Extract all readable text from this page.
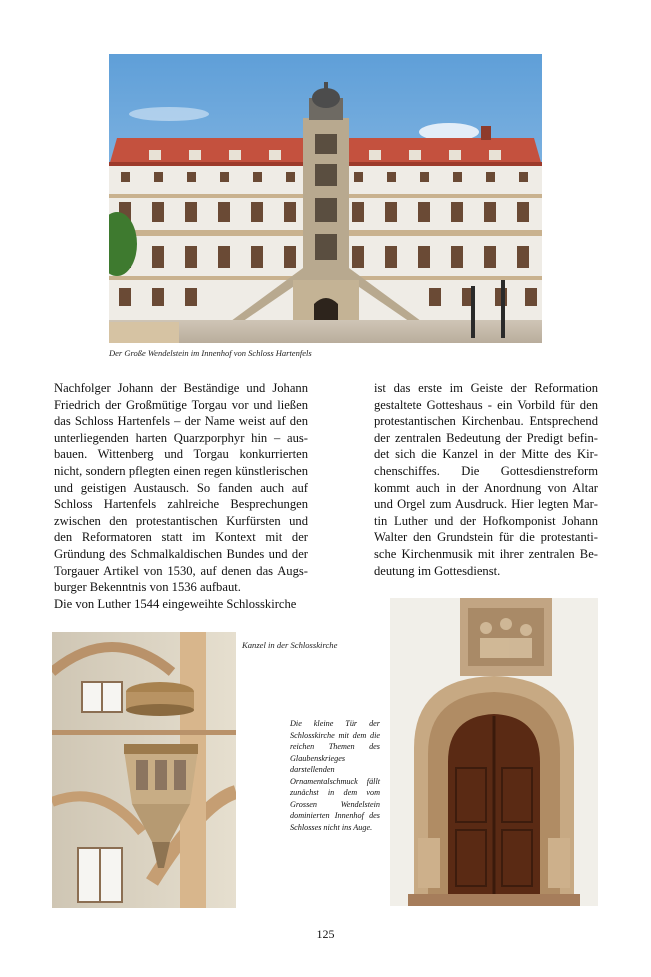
Der Große Wendelstein im Innenhof von Schloss Hartenfels

Nachfolger Johann der Beständige und Johann Friedrich der Großmütige Torgau vor und ließen das Schloss Hartenfels – der Name weist auf den unterliegenden harten Quarzporphyr hin – ausbauen. Wittenberg und Torgau konkurrierten nicht, sondern pflegten einen regen künstlerischen und geistigen Austausch. So fanden auch auf Schloss Hartenfels zahlreiche Besprechungen zwischen den protestantischen Kurfürsten und den Reformatoren statt im Kontext mit der Gründung des Schmalkaldischen Bundes und der Torgauer Artikel von 1530, auf denen das Augsburger Bekenntnis von 1536 aufbaut.

Die von Luther 1544 eingeweihte Schlosskirche

ist das erste im Geiste der Reformation gestaltete Gotteshaus - ein Vorbild für den protestantischen Kirchenbau. Entsprechend der zentralen Bedeutung der Predigt befindet sich die Kanzel in der Mitte des Kirchenschiffes. Die Gottesdienstreform kommt auch in der Anordnung von Altar und Orgel zum Ausdruck. Hier legten Martin Luther und der Hofkomponist Johann Walter den Grundstein für die protestantische Kirchenmusik mit ihrer zentralen Bedeutung im Gottesdienst.

Kanzel in der Schlosskirche
Die kleine Tür der Schlosskirche mit dem die reichen Themen des Glaubenskrieges darstellenden Ornamentalschmuck fällt zunächst in dem vom Grossen Wendelstein dominierten Innenhof des Schlosses nicht ins Auge.
125
